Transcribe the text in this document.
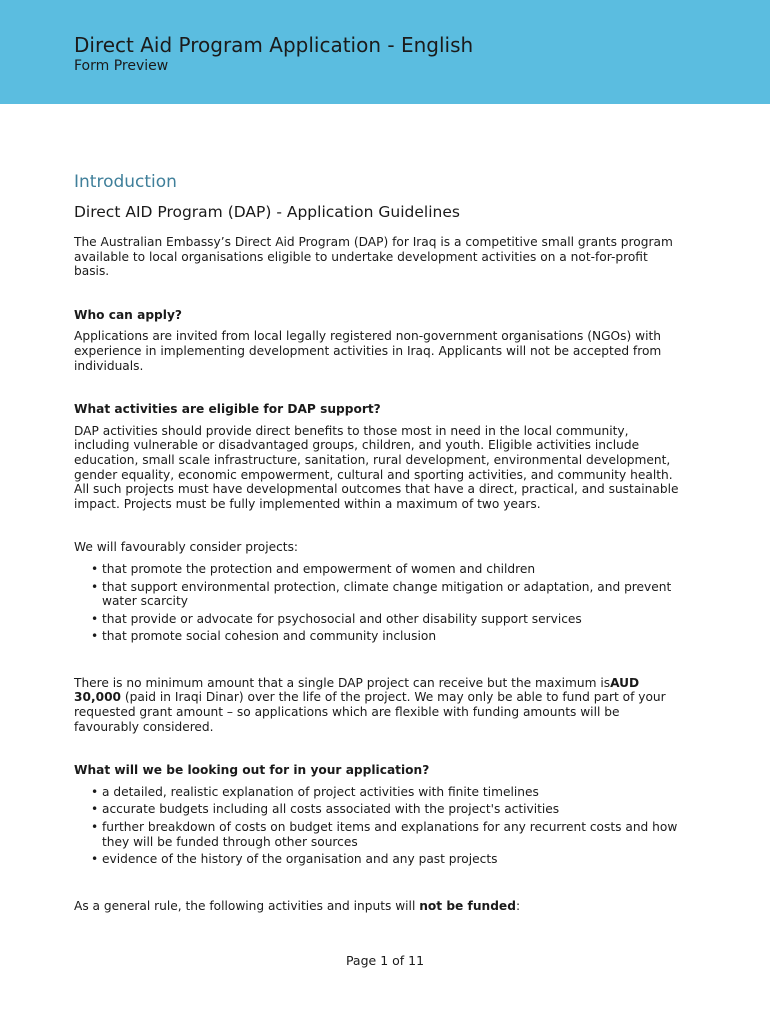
Direct Aid Program Application - English
Form Preview
Introduction
Direct AID Program (DAP) - Application Guidelines

The Australian Embassy’s Direct Aid Program (DAP) for Iraq is a competitive small grants program available to local organisations eligible to undertake development activities on a not-for-profit basis.

Who can apply?

Applications are invited from local legally registered non-government organisations (NGOs) with experience in implementing development activities in Iraq. Applicants will not be accepted from individuals.

What activities are eligible for DAP support?

DAP activities should provide direct benefits to those most in need in the local community, including vulnerable or disadvantaged groups, children, and youth. Eligible activities include education, small scale infrastructure, sanitation, rural development, environmental development, gender equality, economic empowerment, cultural and sporting activities, and community health. All such projects must have developmental outcomes that have a direct, practical, and sustainable impact. Projects must be fully implemented within a maximum of two years.

We will favourably consider projects:

• that promote the protection and empowerment of women and children
• that support environmental protection, climate change mitigation or adaptation, and prevent water scarcity
• that provide or advocate for psychosocial and other disability support services
• that promote social cohesion and community inclusion

There is no minimum amount that a single DAP project can receive but the maximum isAUD 30,000 (paid in Iraqi Dinar) over the life of the project. We may only be able to fund part of your requested grant amount – so applications which are flexible with funding amounts will be favourably considered.

What will we be looking out for in your application?

• a detailed, realistic explanation of project activities with finite timelines
• accurate budgets including all costs associated with the project's activities
• further breakdown of costs on budget items and explanations for any recurrent costs and how they will be funded through other sources
• evidence of the history of the organisation and any past projects

As a general rule, the following activities and inputs will not be funded:

Page 1 of 11
